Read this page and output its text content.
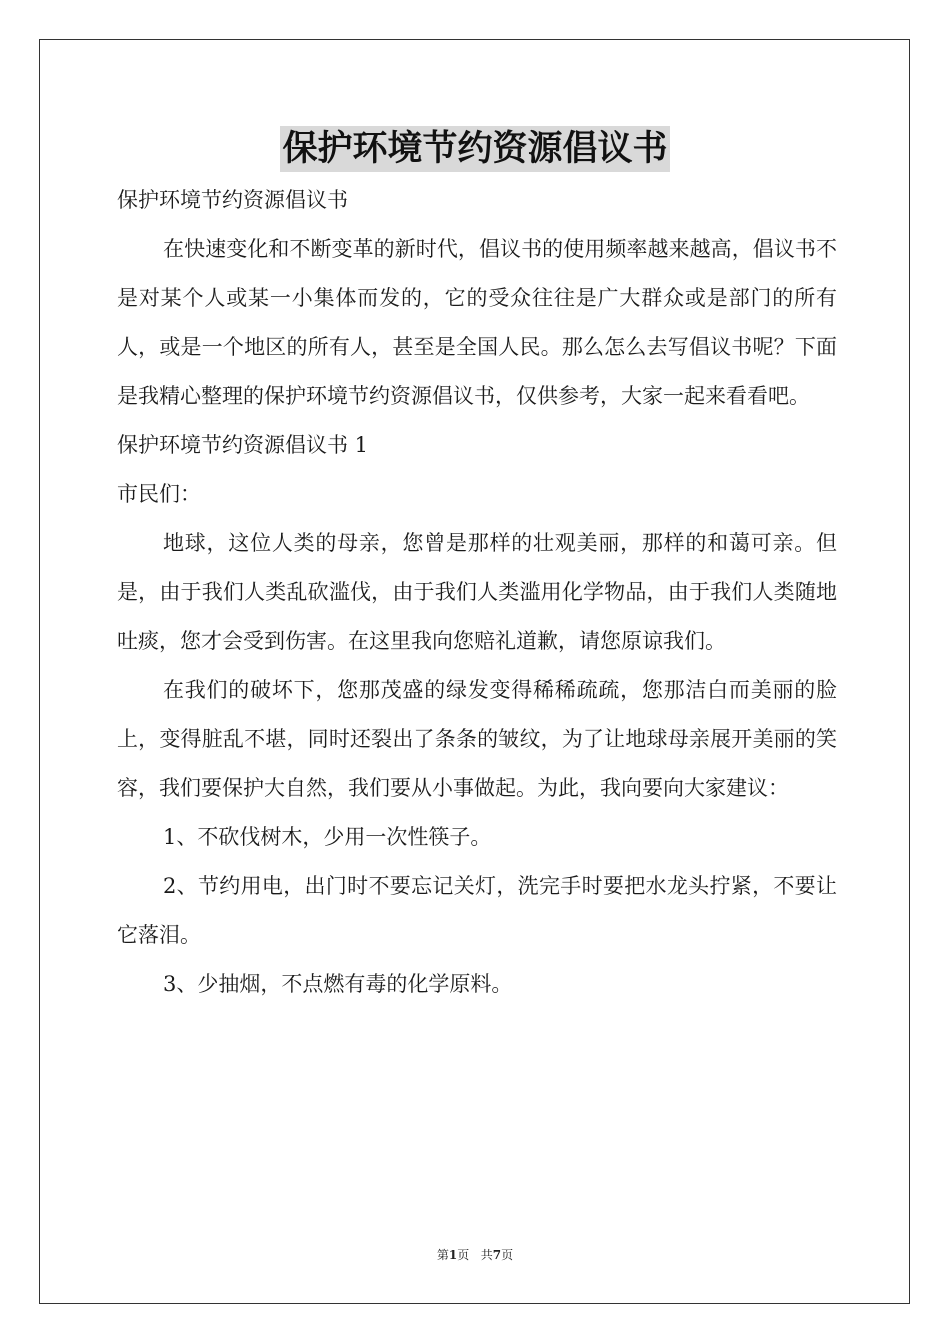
保护环境节约资源倡议书

保护环境节约资源倡议书

在快速变化和不断变革的新时代，倡议书的使用频率越来越高，倡议书不是对某个人或某一小集体而发的，它的受众往往是广大群众或是部门的所有人，或是一个地区的所有人，甚至是全国人民。那么怎么去写倡议书呢？下面是我精心整理的保护环境节约资源倡议书，仅供参考，大家一起来看看吧。

保护环境节约资源倡议书 1

市民们：

地球，这位人类的母亲，您曾是那样的壮观美丽，那样的和蔼可亲。但是，由于我们人类乱砍滥伐，由于我们人类滥用化学物品，由于我们人类随地吐痰，您才会受到伤害。在这里我向您赔礼道歉，请您原谅我们。

在我们的破坏下，您那茂盛的绿发变得稀稀疏疏，您那洁白而美丽的脸上，变得脏乱不堪，同时还裂出了条条的皱纹，为了让地球母亲展开美丽的笑容，我们要保护大自然，我们要从小事做起。为此，我向要向大家建议：

1、不砍伐树木，少用一次性筷子。

2、节约用电，出门时不要忘记关灯，洗完手时要把水龙头拧紧，不要让它落泪。

3、少抽烟，不点燃有毒的化学原料。

第1页 共7页
